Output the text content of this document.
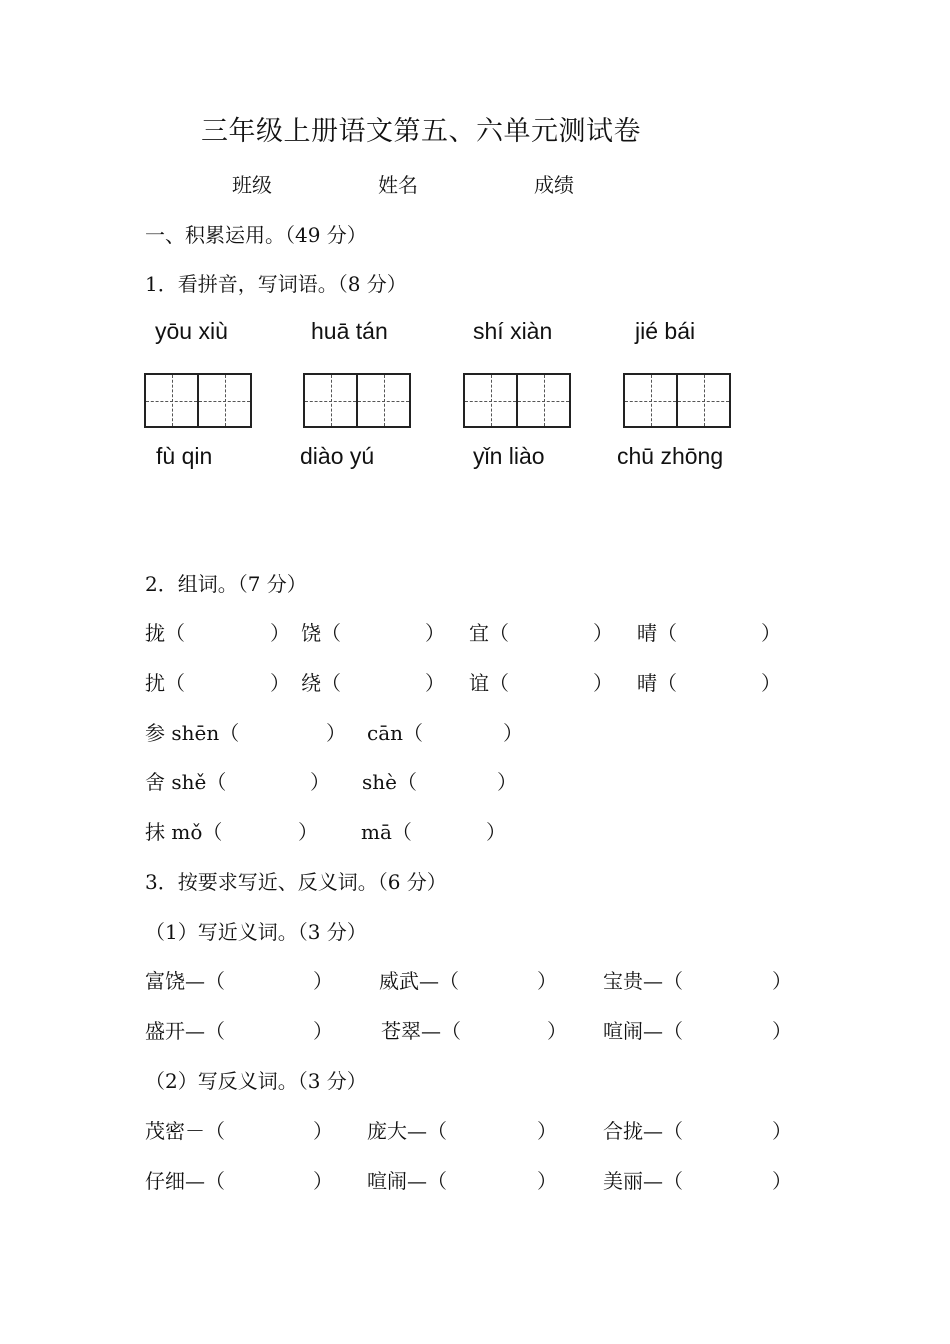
三年级上册语文第五、六单元测试卷
班级	姓名	成绩
一、积累运用。（49 分）
1．看拼音，写词语。（8 分）
yōu xiù	huā tán	shí xiàn	jié bái
fù qin	diào yú	yǐn liào	chū zhōng
2．组词。（7 分）
拢（	） 饶（	） 宜（	） 晴（	）
扰（	） 绕（	） 谊（	） 晴（	）
参 shēn（	） cān（	）
舍 shě（	） shè（	）
抹 mǒ（	） mā（	）
3．按要求写近、反义词。（6 分）
（1）写近义词。（3 分）
富饶—（	） 威武—（	） 宝贵—（	）
盛开—（	） 苍翠—（	） 喧闹—（	）
（2）写反义词。（3 分）
茂密－（	） 庞大—（	） 合拢—（	）
仔细—（	） 喧闹—（	） 美丽—（	）
